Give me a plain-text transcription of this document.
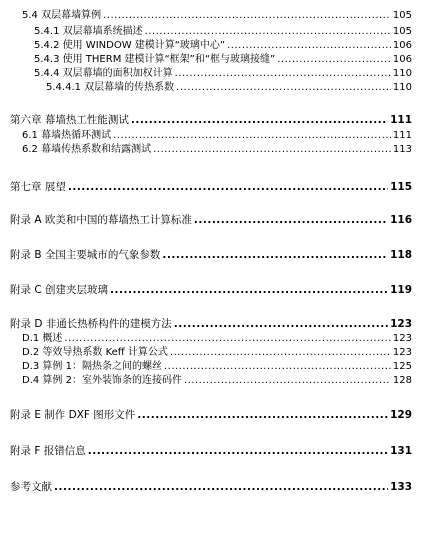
5.4 双层幕墙算例 .....	105
5.4.1 双层幕墙系统描述 .....	105
5.4.2 使用 WINDOW 建模计算“玻璃中心” .....	106
5.4.3 使用 THERM 建模计算“框架”和“框与玻璃接缝” .....	106
5.4.4 双层幕墙的面积加权计算 .....	110
5.4.4.1 双层幕墙的传热系数 .....	110
第六章 幕墙热工性能测试 .....	111
6.1 幕墙热循环测试 .....	111
6.2 幕墙传热系数和结露测试 .....	113
第七章 展望 .....	115
附录 A 欧美和中国的幕墙热工计算标准 .....	116
附录 B 全国主要城市的气象参数 .....	118
附录 C 创建夹层玻璃 .....	119
附录 D 非通长热桥构件的建模方法 .....	123
D.1 概述 .....	123
D.2 等效导热系数 Keff 计算公式 .....	123
D.3 算例 1：隔热条之间的螺丝 .....	125
D.4 算例 2：室外装饰条的连接码件 .....	128
附录 E 制作 DXF 图形文件 .....	129
附录 F 报错信息 .....	131
参考文献 .....	133
